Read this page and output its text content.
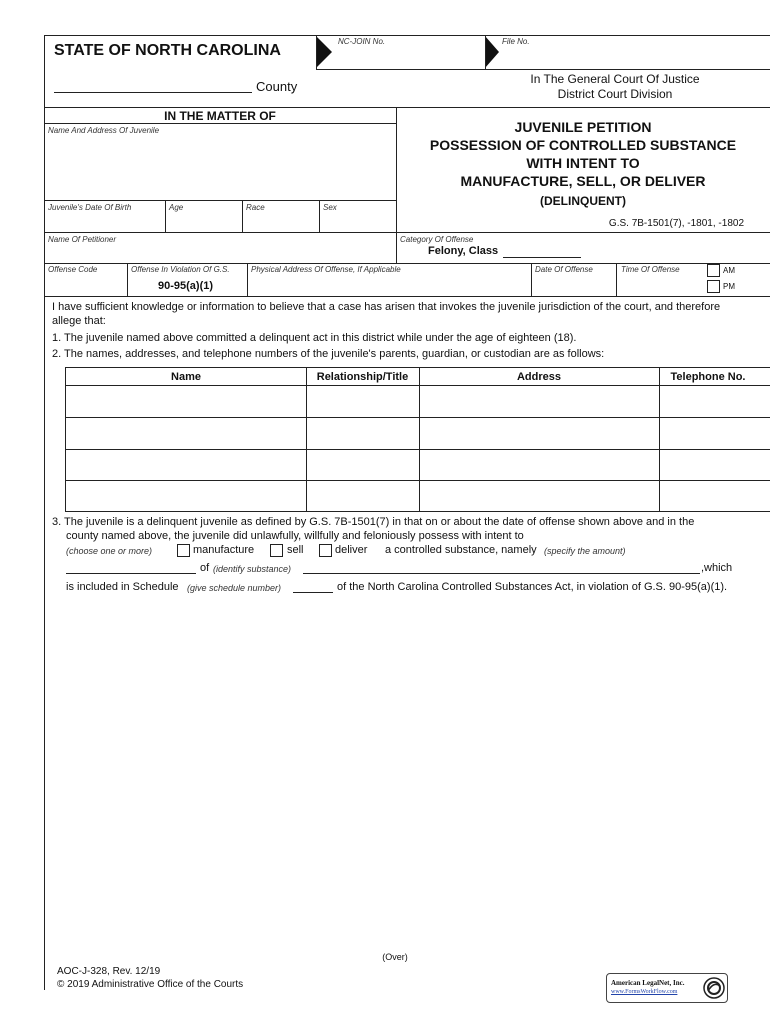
STATE OF NORTH CAROLINA
NC-JOIN No.	File No.
County	In The General Court Of Justice
District Court Division
IN THE MATTER OF
Name And Address Of Juvenile
Juvenile's Date Of Birth	Age	Race	Sex
Name Of Petitioner
JUVENILE PETITION
POSSESSION OF CONTROLLED SUBSTANCE
WITH INTENT TO
MANUFACTURE, SELL, OR DELIVER
(DELINQUENT)
G.S. 7B-1501(7), -1801, -1802
Category Of Offense
Felony, Class
Offense Code	Offense In Violation Of G.S.
90-95(a)(1)
Physical Address Of Offense, If Applicable	Date Of Offense	Time Of Offense	AM
PM
I have sufficient knowledge or information to believe that a case has arisen that invokes the juvenile jurisdiction of the court, and therefore allege that:
1. The juvenile named above committed a delinquent act in this district while under the age of eighteen (18).
2. The names, addresses, and telephone numbers of the juvenile's parents, guardian, or custodian are as follows:
Name	Relationship/Title	Address	Telephone No.
3. The juvenile is a delinquent juvenile as defined by G.S. 7B-1501(7) in that on or about the date of offense shown above and in the
county named above, the juvenile did unlawfully, willfully and feloniously possess with intent to
(choose one or more)	manufacture	sell	deliver a controlled substance, namely (specify the amount)
of (identify substance)	,which
is included in Schedule (give schedule number)	of the North Carolina Controlled Substances Act, in violation of G.S. 90-95(a)(1).
(Over)
AOC-J-328, Rev. 12/19
© 2019 Administrative Office of the Courts	American LegalNet, Inc.
www.FormsWorkFlow.com
